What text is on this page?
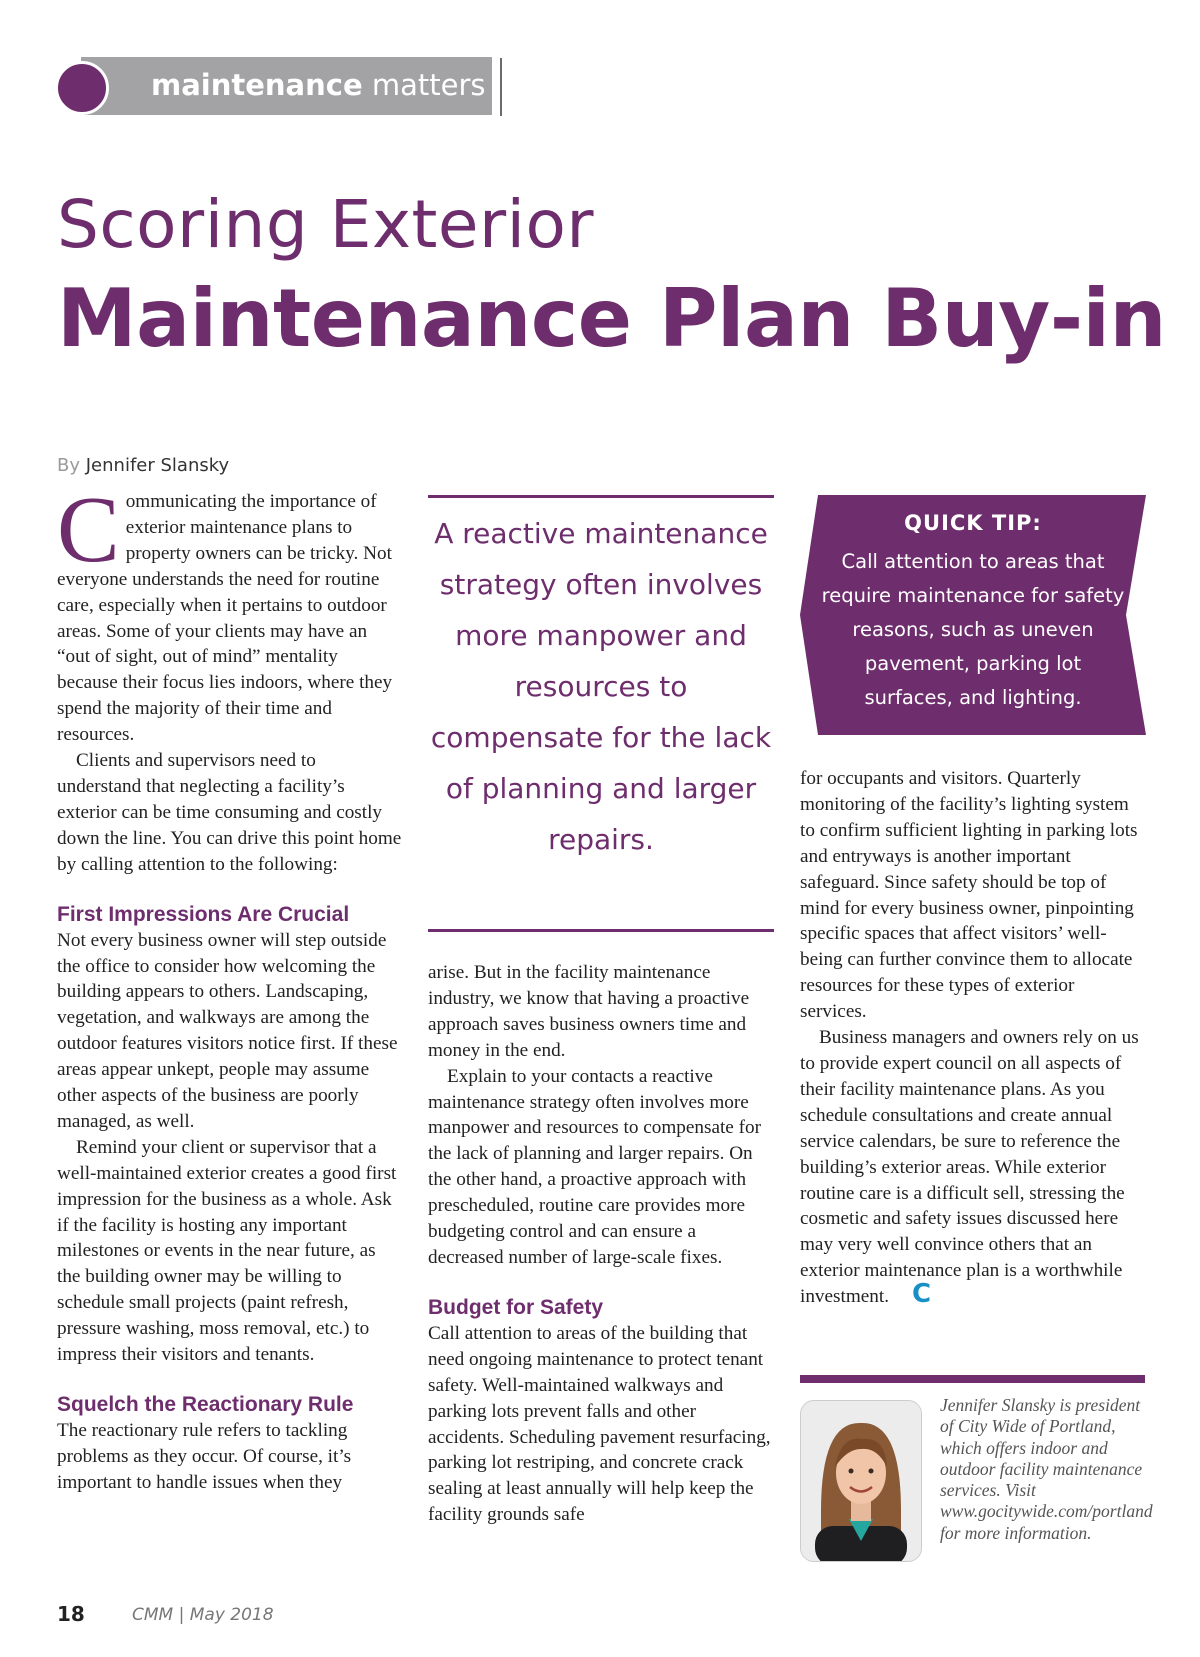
maintenance matters
Scoring Exterior
Maintenance Plan Buy-in
By Jennifer Slansky

Communicating the importance of exterior maintenance plans to property owners can be tricky. Not everyone understands the need for routine care, especially when it pertains to outdoor areas. Some of your clients may have an “out of sight, out of mind” mentality because their focus lies indoors, where they spend the majority of their time and resources.

Clients and supervisors need to understand that neglecting a facility’s exterior can be time consuming and costly down the line. You can drive this point home by calling attention to the following:

First Impressions Are Crucial

Not every business owner will step outside the office to consider how welcoming the building appears to others. Landscaping, vegetation, and walkways are among the outdoor features visitors notice first. If these areas appear unkept, people may assume other aspects of the business are poorly managed, as well.

Remind your client or supervisor that a well-maintained exterior creates a good first impression for the business as a whole. Ask if the facility is hosting any important milestones or events in the near future, as the building owner may be willing to schedule small projects (paint refresh, pressure washing, moss removal, etc.) to impress their visitors and tenants.

Squelch the Reactionary Rule

The reactionary rule refers to tackling problems as they occur. Of course, it’s important to handle issues when they

A reactive maintenance strategy often involves more manpower and resources to compensate for the lack of planning and larger repairs.

arise. But in the facility maintenance industry, we know that having a proactive approach saves business owners time and money in the end.

Explain to your contacts a reactive maintenance strategy often involves more manpower and resources to compensate for the lack of planning and larger repairs. On the other hand, a proactive approach with prescheduled, routine care provides more budgeting control and can ensure a decreased number of large-scale fixes.

Budget for Safety

Call attention to areas of the building that need ongoing maintenance to protect tenant safety. Well-maintained walkways and parking lots prevent falls and other accidents. Scheduling pavement resurfacing, parking lot restriping, and concrete crack sealing at least annually will help keep the facility grounds safe

QUICK TIP:
Call attention to areas that require maintenance for safety reasons, such as uneven pavement, parking lot surfaces, and lighting.

for occupants and visitors. Quarterly monitoring of the facility’s lighting system to confirm sufficient lighting in parking lots and entryways is another important safeguard. Since safety should be top of mind for every business owner, pinpointing specific spaces that affect visitors’ well-being can further convince them to allocate resources for these types of exterior services.

Business managers and owners rely on us to provide expert council on all aspects of their facility maintenance plans. As you schedule consultations and create annual service calendars, be sure to reference the building’s exterior areas. While exterior routine care is a difficult sell, stressing the cosmetic and safety issues discussed here may very well convince others that an exterior maintenance plan is a worthwhile investment. C

Jennifer Slansky is president of City Wide of Portland, which offers indoor and outdoor facility maintenance services. Visit www.gocitywide.com/portland for more information.
18	CMM | May 2018
